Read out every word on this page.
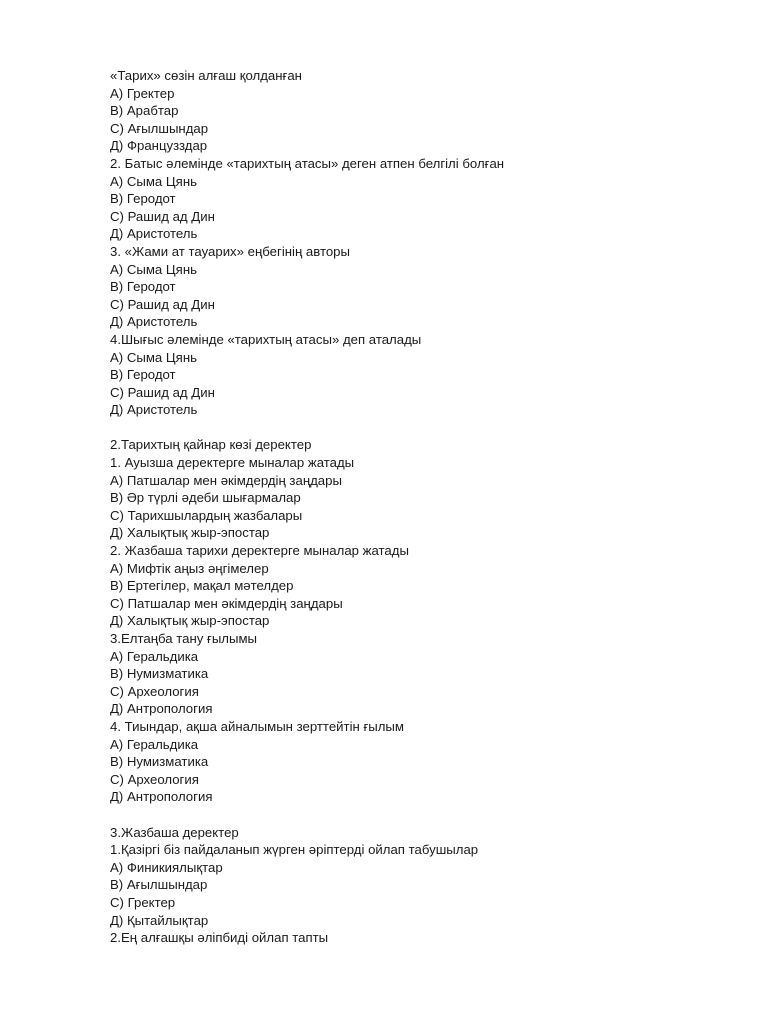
«Тарих» сөзін алғаш қолданған
А) Гректер
В) Арабтар
С) Ағылшындар
Д) Французздар
2. Батыс әлемінде «тарихтың атасы» деген атпен белгілі болған
А) Сыма Цянь
В) Геродот
С) Рашид ад Дин
Д) Аристотель
3. «Жами ат тауарих» еңбегінің авторы
А) Сыма Цянь
В) Геродот
С) Рашид ад Дин
Д) Аристотель
4.Шығыс әлемінде «тарихтың атасы» деп аталады
А) Сыма Цянь
В) Геродот
С) Рашид ад Дин
Д) Аристотель
2.Тарихтың қайнар көзі деректер
1. Ауызша деректерге мыналар жатады
А) Патшалар мен әкімдердің заңдары
В) Әр түрлі әдеби шығармалар
С) Тарихшылардың жазбалары
Д) Халықтық жыр-эпостар
2. Жазбаша тарихи деректерге мыналар жатады
А) Мифтік аңыз әңгімелер
В) Ертегілер, мақал мәтелдер
С) Патшалар мен әкімдердің заңдары
Д) Халықтық жыр-эпостар
3.Елтаңба тану ғылымы
А) Геральдика
В) Нумизматика
С) Археология
Д) Антропология
4. Тиындар, ақша айналымын зерттейтін ғылым
А) Геральдика
В) Нумизматика
С) Археология
Д) Антропология
3.Жазбаша деректер
1.Қазіргі біз пайдаланып жүрген әріптерді ойлап табушылар
А) Финикиялықтар
В) Ағылшындар
С) Гректер
Д) Қытайлықтар
2.Ең алғашқы әліпбиді ойлап тапты
